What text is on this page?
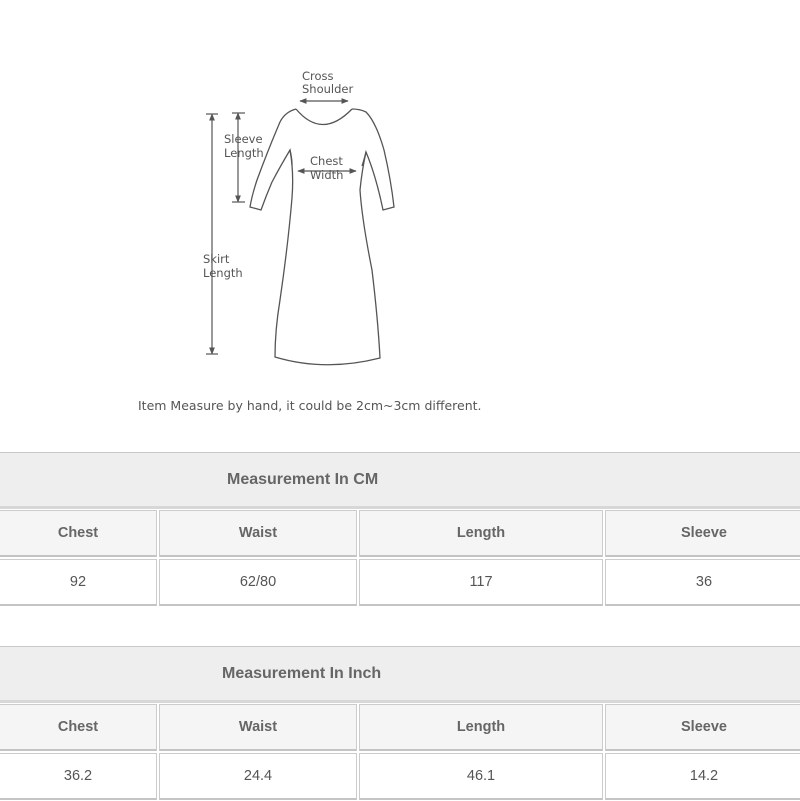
Cross
Shoulder
Sleeve
Length
Chest
Width
Skirt
Length
Item Measure by hand, it could be 2cm~3cm different.
Measurement In CM
Chest	Waist	Length	Sleeve
92	62/80	117	36
Measurement In Inch
Chest	Waist	Length	Sleeve
36.2	24.4	46.1	14.2
